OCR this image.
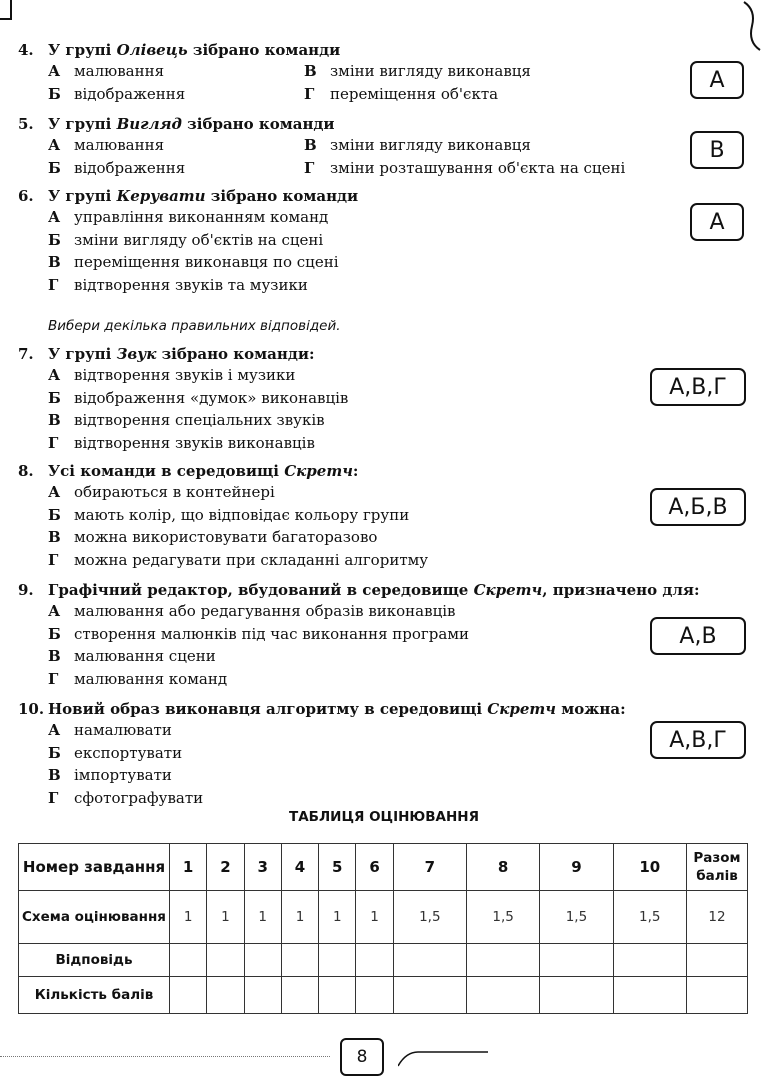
4. У групі Олівець зібрано команди
А малювання	В зміни вигляду виконавця
Б відображення	Г переміщення об'єкта
А
5. У групі Вигляд зібрано команди
А малювання	В зміни вигляду виконавця
Б відображення	Г зміни розташування об'єкта на сцені
В
6. У групі Керувати зібрано команди
А управління виконанням команд
Б зміни вигляду об'єктів на сцені
В переміщення виконавця по сцені
Г відтворення звуків та музики
А
Вибери декілька правильних відповідей.
7. У групі Звук зібрано команди:
А відтворення звуків і музики
Б відображення «думок» виконавців
В відтворення спеціальних звуків
Г відтворення звуків виконавців
А,В,Г
8. Усі команди в середовищі Скретч:
А обираються в контейнері
Б мають колір, що відповідає кольору групи
В можна використовувати багаторазово
Г можна редагувати при складанні алгоритму
А,Б,В
9. Графічний редактор, вбудований в середовище Скретч, призначено для:
А малювання або редагування образів виконавців
Б створення малюнків під час виконання програми
В малювання сцени
Г малювання команд
А,В
10. Новий образ виконавця алгоритму в середовищі Скретч можна:
А намалювати
Б експортувати
В імпортувати
Г сфотографувати
А,В,Г
ТАБЛИЦЯ ОЦІНЮВАННЯ
Номер завдання	1	2	3	4	5	6	7	8	9	10	Разом балів
Схема оцінювання	1	1	1	1	1	1	1,5	1,5	1,5	1,5	12
Відповідь											
Кількість балів											
8
